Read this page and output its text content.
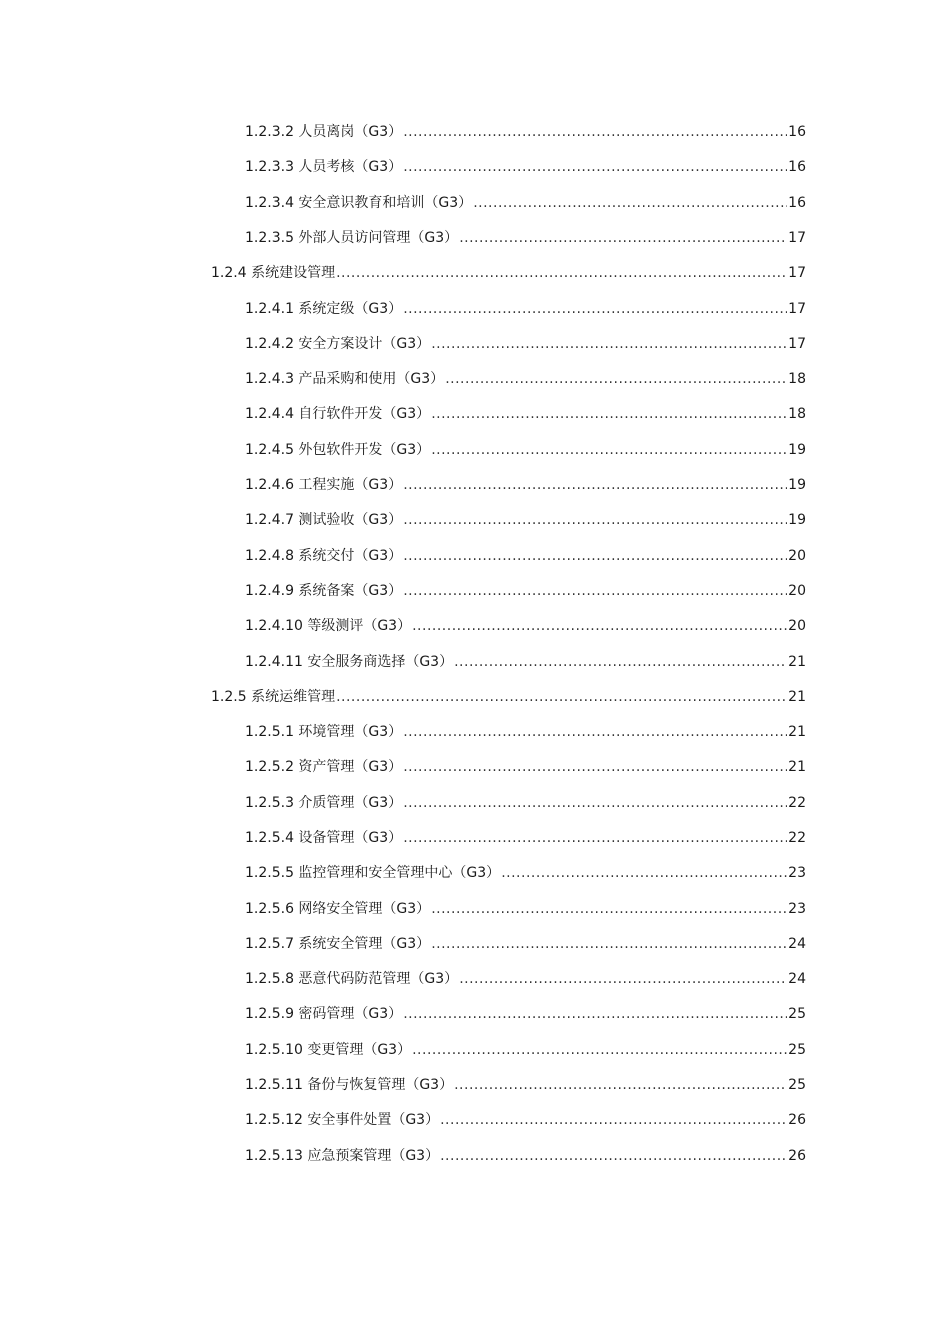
1.2.3.2 人员离岗（G3） .....	16
1.2.3.3 人员考核（G3） .....	16
1.2.3.4 安全意识教育和培训（G3） .....	16
1.2.3.5 外部人员访问管理（G3） .....	17
1.2.4 系统建设管理 .....	17
1.2.4.1 系统定级（G3） .....	17
1.2.4.2 安全方案设计（G3） .....	17
1.2.4.3 产品采购和使用（G3） .....	18
1.2.4.4 自行软件开发（G3） .....	18
1.2.4.5 外包软件开发（G3） .....	19
1.2.4.6 工程实施（G3） .....	19
1.2.4.7 测试验收（G3） .....	19
1.2.4.8 系统交付（G3） .....	20
1.2.4.9 系统备案（G3） .....	20
1.2.4.10 等级测评（G3） .....	20
1.2.4.11 安全服务商选择（G3） .....	21
1.2.5 系统运维管理 .....	21
1.2.5.1 环境管理（G3） .....	21
1.2.5.2 资产管理（G3） .....	21
1.2.5.3 介质管理（G3） .....	22
1.2.5.4 设备管理（G3） .....	22
1.2.5.5 监控管理和安全管理中心（G3） .....	23
1.2.5.6 网络安全管理（G3） .....	23
1.2.5.7 系统安全管理（G3） .....	24
1.2.5.8 恶意代码防范管理（G3） .....	24
1.2.5.9 密码管理（G3） .....	25
1.2.5.10 变更管理（G3） .....	25
1.2.5.11 备份与恢复管理（G3） .....	25
1.2.5.12 安全事件处置（G3） .....	26
1.2.5.13 应急预案管理（G3） .....	26
